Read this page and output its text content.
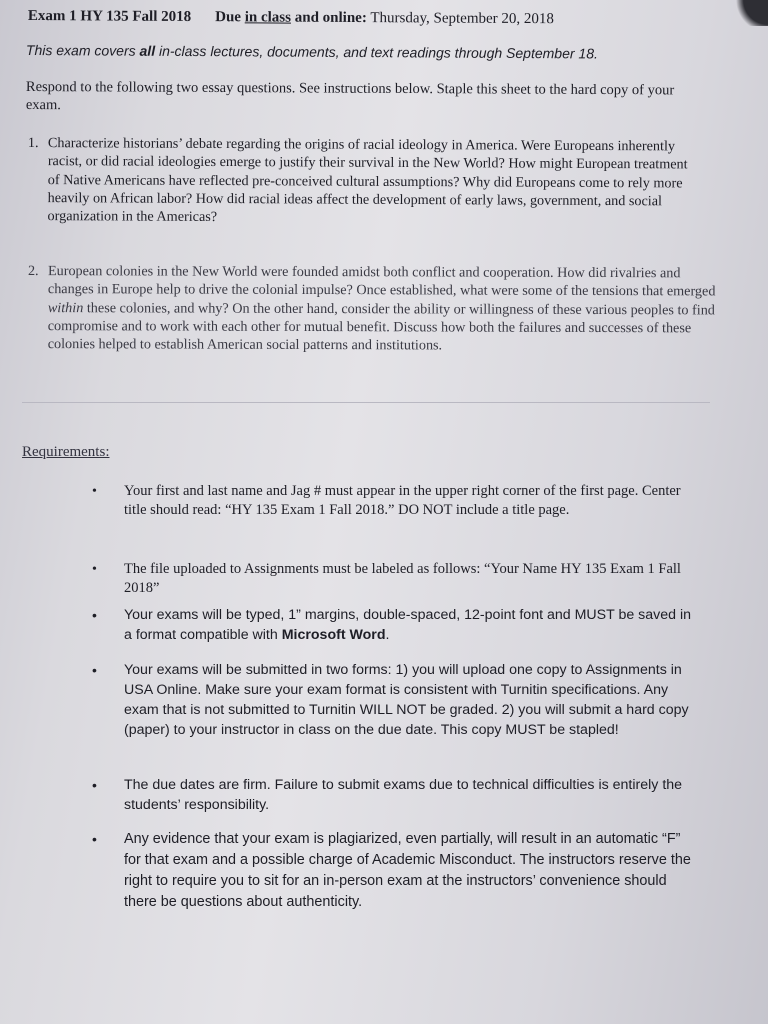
Exam 1 HY 135 Fall 2018 Due in class and online: Thursday, September 20, 2018
This exam covers all in-class lectures, documents, and text readings through September 18.
Respond to the following two essay questions. See instructions below. Staple this sheet to the hard copy of your exam.
1. Characterize historians’ debate regarding the origins of racial ideology in America. Were Europeans inherently racist, or did racial ideologies emerge to justify their survival in the New World? How might European treatment of Native Americans have reflected pre-conceived cultural assumptions? Why did Europeans come to rely more heavily on African labor? How did racial ideas affect the development of early laws, government, and social organization in the Americas?
2. European colonies in the New World were founded amidst both conflict and cooperation. How did rivalries and changes in Europe help to drive the colonial impulse? Once established, what were some of the tensions that emerged within these colonies, and why? On the other hand, consider the ability or willingness of these various peoples to find compromise and to work with each other for mutual benefit. Discuss how both the failures and successes of these colonies helped to establish American social patterns and institutions.
Requirements:
• Your first and last name and Jag # must appear in the upper right corner of the first page. Center title should read: “HY 135 Exam 1 Fall 2018.” DO NOT include a title page.
• The file uploaded to Assignments must be labeled as follows: “Your Name HY 135 Exam 1 Fall 2018”
• Your exams will be typed, 1” margins, double-spaced, 12-point font and MUST be saved in a format compatible with Microsoft Word.
• Your exams will be submitted in two forms: 1) you will upload one copy to Assignments in USA Online. Make sure your exam format is consistent with Turnitin specifications. Any exam that is not submitted to Turnitin WILL NOT be graded. 2) you will submit a hard copy (paper) to your instructor in class on the due date. This copy MUST be stapled!
• The due dates are firm. Failure to submit exams due to technical difficulties is entirely the students’ responsibility.
• Any evidence that your exam is plagiarized, even partially, will result in an automatic “F” for that exam and a possible charge of Academic Misconduct. The instructors reserve the right to require you to sit for an in-person exam at the instructors’ convenience should there be questions about authenticity.
